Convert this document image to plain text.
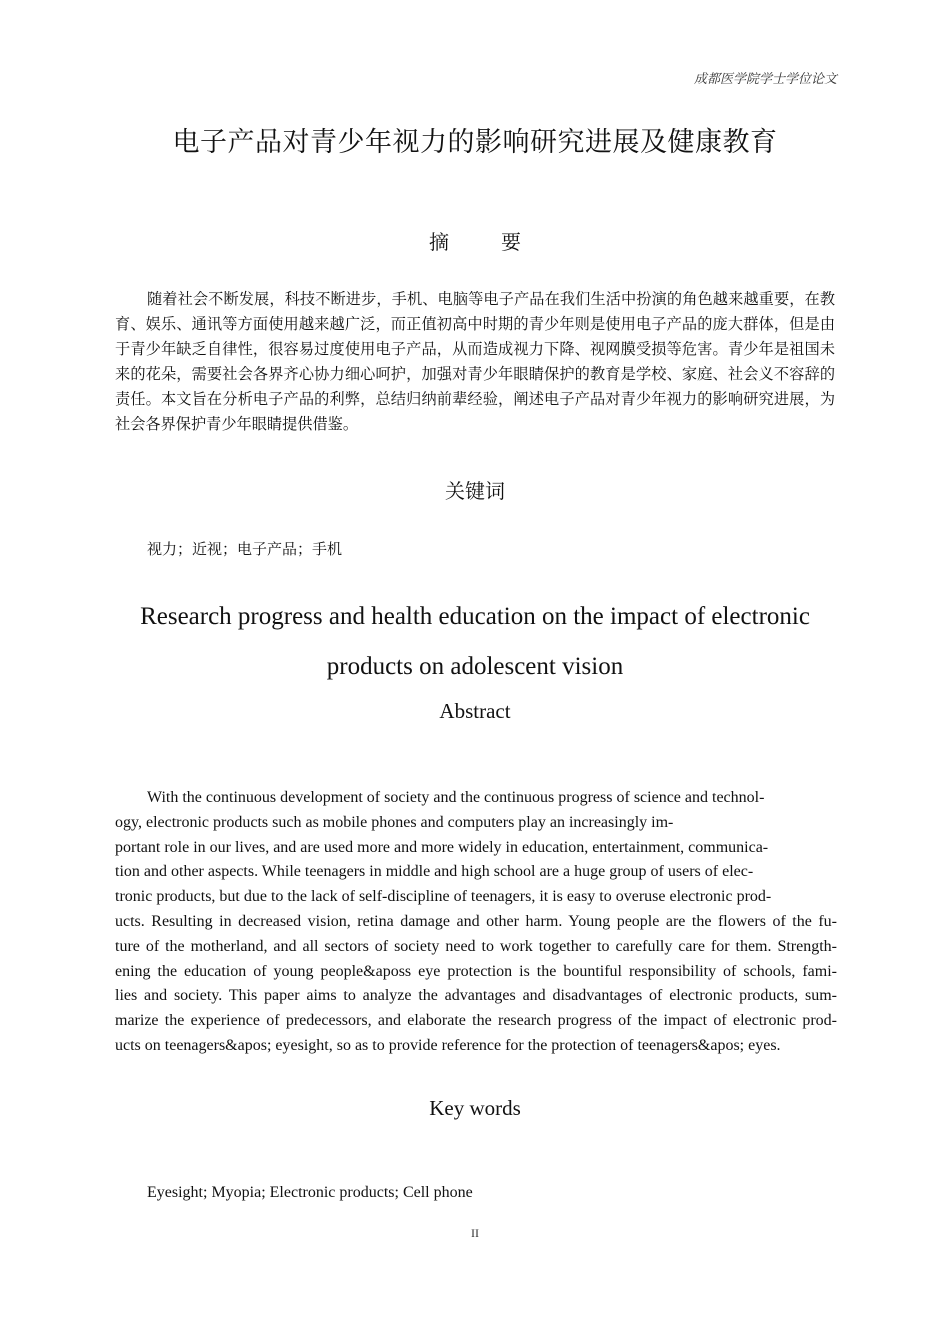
成都医学院学士学位论文
电子产品对青少年视力的影响研究进展及健康教育
摘　要

随着社会不断发展，科技不断进步，手机、电脑等电子产品在我们生活中扮演的角色越来越重要，在教育、娱乐、通讯等方面使用越来越广泛，而正值初高中时期的青少年则是使用电子产品的庞大群体，但是由于青少年缺乏自律性，很容易过度使用电子产品，从而造成视力下降、视网膜受损等危害。青少年是祖国未来的花朵，需要社会各界齐心协力细心呵护，加强对青少年眼睛保护的教育是学校、家庭、社会义不容辞的责任。本文旨在分析电子产品的利弊，总结归纳前辈经验，阐述电子产品对青少年视力的影响研究进展，为社会各界保护青少年眼睛提供借鉴。

关键词
视力；近视；电子产品；手机
Research progress and health education on the impact of electronic
products on adolescent vision
Abstract
With the continuous development of society and the continuous progress of science and technol-
ogy, electronic products such as mobile phones and computers play an increasingly im-
portant role in our lives, and are used more and more widely in education, entertainment, communica-
tion and other aspects. While teenagers in middle and high school are a huge group of users of elec-
tronic products, but due to the lack of self-discipline of teenagers, it is easy to overuse electronic prod-
ucts. Resulting in decreased vision, retina damage and other harm. Young people are the flowers of the fu-
ture of the motherland, and all sectors of society need to work together to carefully care for them. Strength-
ening the education of young people&aposs eye protection is the bountiful responsibility of schools, fami-
lies and society. This paper aims to analyze the advantages and disadvantages of electronic products, sum-
marize the experience of predecessors, and elaborate the research progress of the impact of electronic prod-
ucts on teenagers&apos; eyesight, so as to provide reference for the protection of teenagers&apos; eyes.
Key words
Eyesight; Myopia; Electronic products; Cell phone
II
